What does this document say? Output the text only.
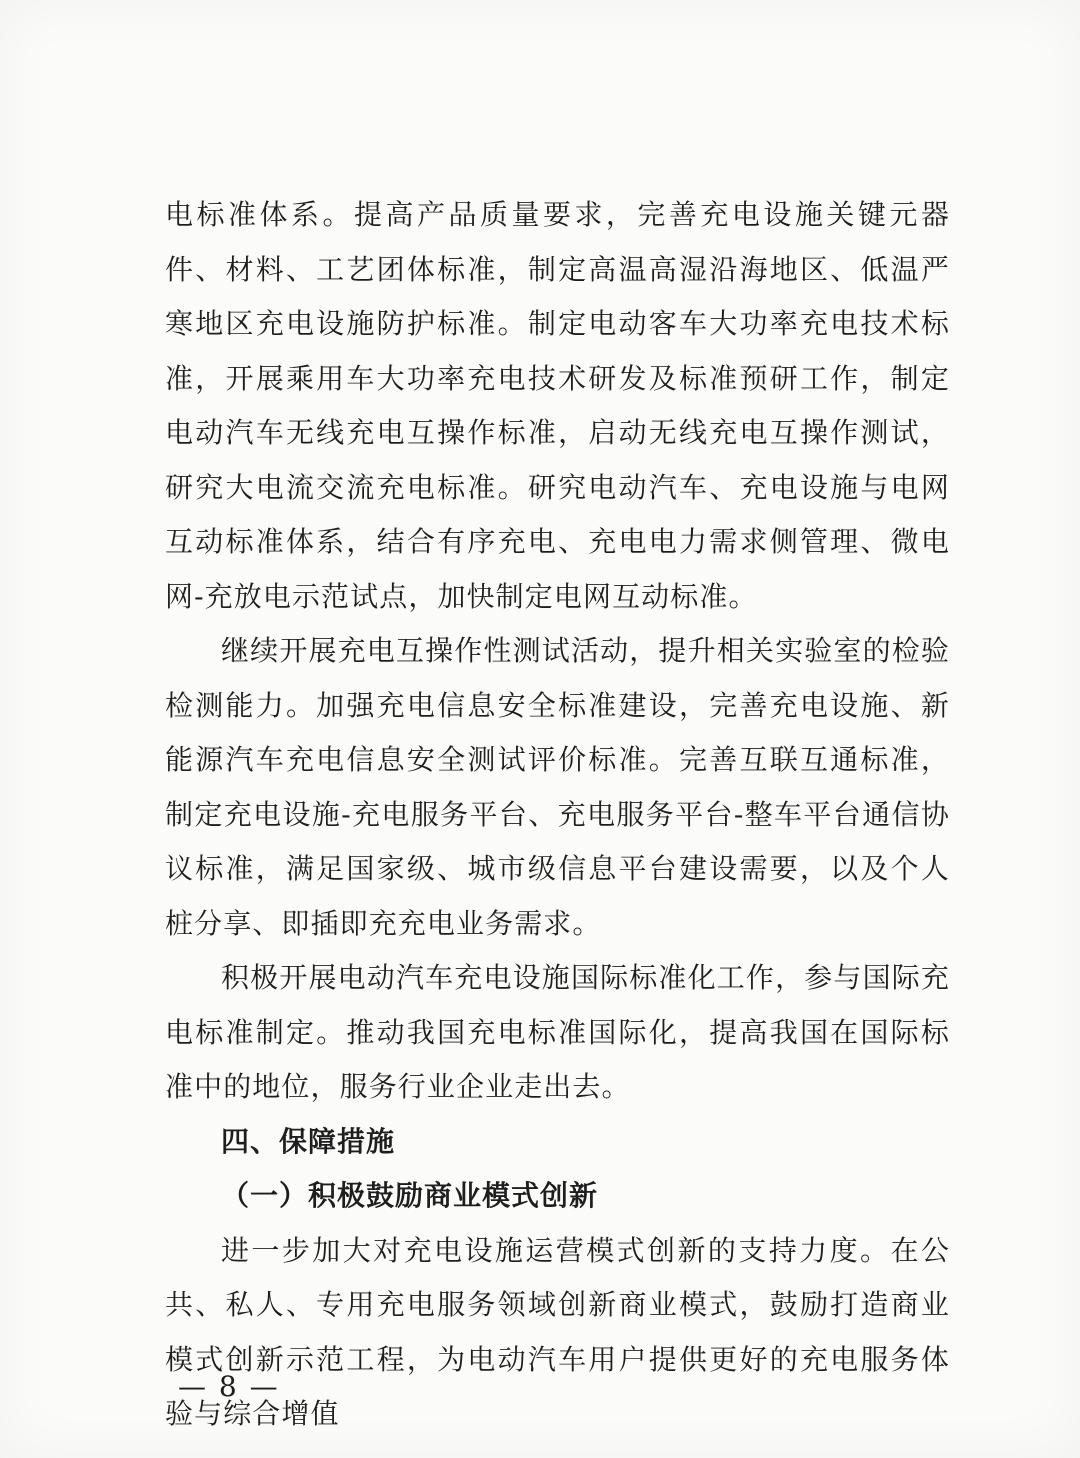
电标准体系。提高产品质量要求，完善充电设施关键元器件、材料、工艺团体标准，制定高温高湿沿海地区、低温严寒地区充电设施防护标准。制定电动客车大功率充电技术标准，开展乘用车大功率充电技术研发及标准预研工作，制定电动汽车无线充电互操作标准，启动无线充电互操作测试，研究大电流交流充电标准。研究电动汽车、充电设施与电网互动标准体系，结合有序充电、充电电力需求侧管理、微电网-充放电示范试点，加快制定电网互动标准。

继续开展充电互操作性测试活动，提升相关实验室的检验检测能力。加强充电信息安全标准建设，完善充电设施、新能源汽车充电信息安全测试评价标准。完善互联互通标准，制定充电设施-充电服务平台、充电服务平台-整车平台通信协议标准，满足国家级、城市级信息平台建设需要，以及个人桩分享、即插即充充电业务需求。

积极开展电动汽车充电设施国际标准化工作，参与国际充电标准制定。推动我国充电标准国际化，提高我国在国际标准中的地位，服务行业企业走出去。

四、保障措施
（一）积极鼓励商业模式创新

进一步加大对充电设施运营模式创新的支持力度。在公共、私人、专用充电服务领域创新商业模式，鼓励打造商业模式创新示范工程，为电动汽车用户提供更好的充电服务体验与综合增值

— 8 —
